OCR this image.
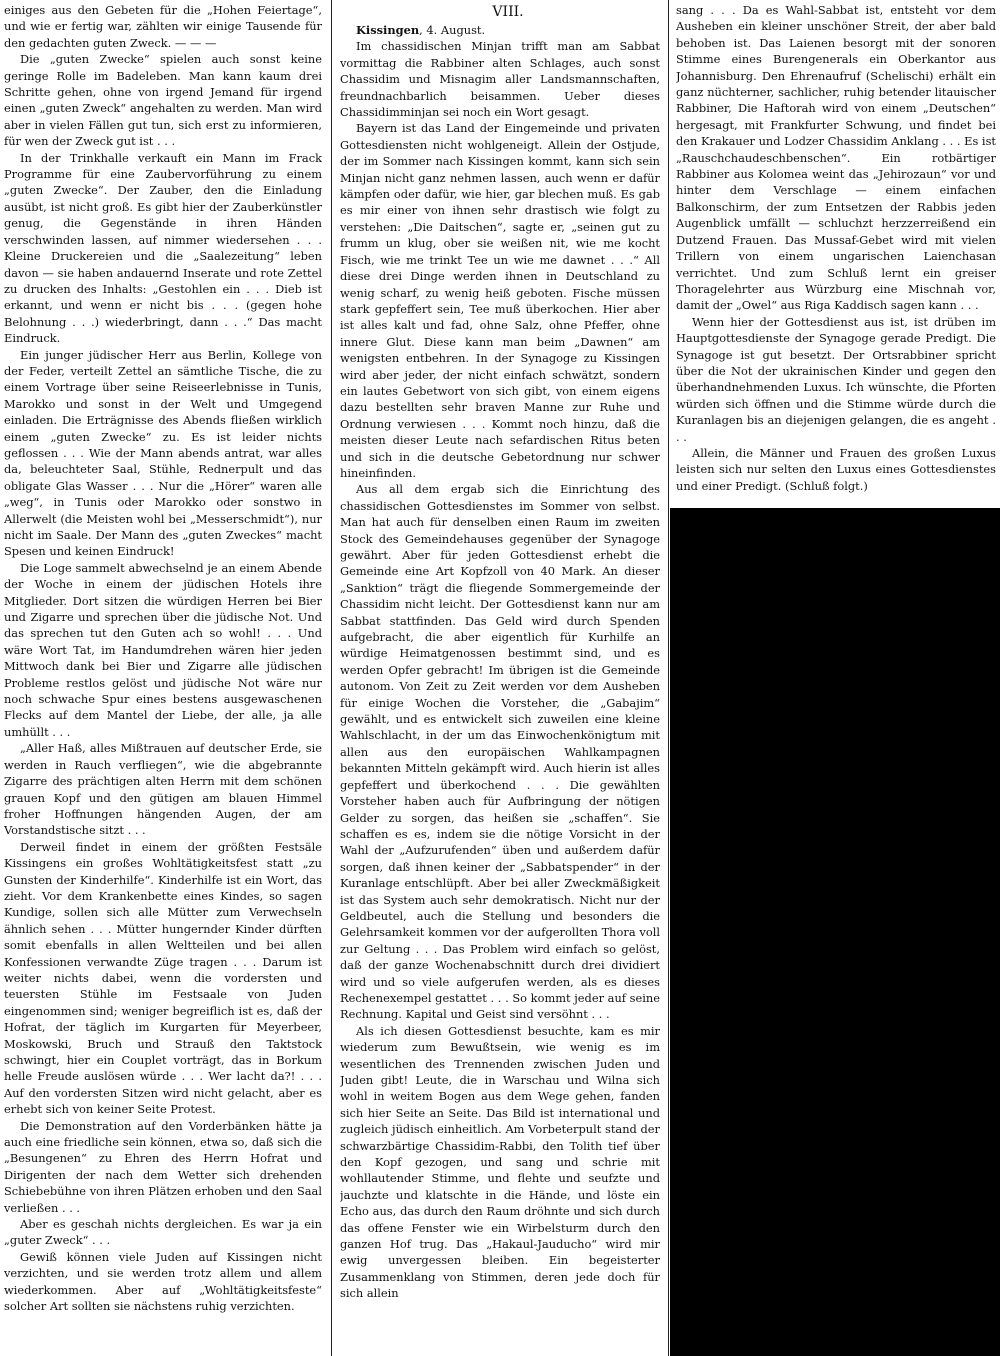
einiges aus den Gebeten für die „Hohen Feiertage“, und wie er fertig war, zählten wir einige Tausende für den gedachten guten Zweck. — — —

Die „guten Zwecke“ spielen auch sonst keine geringe Rolle im Badeleben. Man kann kaum drei Schritte gehen, ohne von irgend Jemand für irgend einen „guten Zweck“ angehalten zu werden. Man wird aber in vielen Fällen gut tun, sich erst zu informieren, für wen der Zweck gut ist . . .

In der Trinkhalle verkauft ein Mann im Frack Programme für eine Zaubervorführung zu einem „guten Zwecke“. Der Zauber, den die Einladung ausübt, ist nicht groß. Es gibt hier der Zauberkünstler genug, die Gegenstände in ihren Händen verschwinden lassen, auf nimmer wiedersehen . . . Kleine Druckereien und die „Saalezeitung“ leben davon — sie haben andauernd Inserate und rote Zettel zu drucken des Inhalts: „Gestohlen ein . . . Dieb ist erkannt, und wenn er nicht bis . . . (gegen hohe Belohnung . . .) wiederbringt, dann . . .“ Das macht Eindruck.

Ein junger jüdischer Herr aus Berlin, Kollege von der Feder, verteilt Zettel an sämtliche Tische, die zu einem Vortrage über seine Reiseerlebnisse in Tunis, Marokko und sonst in der Welt und Umgegend einladen. Die Erträgnisse des Abends fließen wirklich einem „guten Zwecke“ zu. Es ist leider nichts geflossen . . . Wie der Mann abends antrat, war alles da, beleuchteter Saal, Stühle, Rednerpult und das obligate Glas Wasser . . . Nur die „Hörer“ waren alle „weg“, in Tunis oder Marokko oder sonstwo in Allerwelt (die Meisten wohl bei „Messerschmidt“), nur nicht im Saale. Der Mann des „guten Zweckes“ macht Spesen und keinen Eindruck!

Die Loge sammelt abwechselnd je an einem Abende der Woche in einem der jüdischen Hotels ihre Mitglieder. Dort sitzen die würdigen Herren bei Bier und Zigarre und sprechen über die jüdische Not. Und das sprechen tut den Guten ach so wohl! . . . Und wäre Wort Tat, im Handumdrehen wären hier jeden Mittwoch dank bei Bier und Zigarre alle jüdischen Probleme restlos gelöst und jüdische Not wäre nur noch schwache Spur eines bestens ausgewaschenen Flecks auf dem Mantel der Liebe, der alle, ja alle umhüllt . . .

„Aller Haß, alles Mißtrauen auf deutscher Erde, sie werden in Rauch verfliegen“, wie die abgebrannte Zigarre des prächtigen alten Herrn mit dem schönen grauen Kopf und den gütigen am blauen Himmel froher Hoffnungen hängenden Augen, der am Vorstandstische sitzt . . .

Derweil findet in einem der größten Festsäle Kissingens ein großes Wohltätigkeitsfest statt „zu Gunsten der Kinderhilfe“. Kinderhilfe ist ein Wort, das zieht. Vor dem Krankenbette eines Kindes, so sagen Kundige, sollen sich alle Mütter zum Verwechseln ähnlich sehen . . . Mütter hungernder Kinder dürften somit ebenfalls in allen Weltteilen und bei allen Konfessionen verwandte Züge tragen . . . Darum ist weiter nichts dabei, wenn die vordersten und teuersten Stühle im Festsaale von Juden eingenommen sind; weniger begreiflich ist es, daß der Hofrat, der täglich im Kurgarten für Meyerbeer, Moskowski, Bruch und Strauß den Taktstock schwingt, hier ein Couplet vorträgt, das in Borkum helle Freude auslösen würde . . . Wer lacht da?! . . . Auf den vordersten Sitzen wird nicht gelacht, aber es erhebt sich von keiner Seite Protest.

Die Demonstration auf den Vorderbänken hätte ja auch eine friedliche sein können, etwa so, daß sich die „Besungenen“ zu Ehren des Herrn Hofrat und Dirigenten der nach dem Wetter sich drehenden Schiebebühne von ihren Plätzen erhoben und den Saal verließen . . .

Aber es geschah nichts dergleichen. Es war ja ein „guter Zweck“ . . .

Gewiß können viele Juden auf Kissingen nicht verzichten, und sie werden trotz allem und allem wiederkommen. Aber auf „Wohltätigkeitsfeste“ solcher Art sollten sie nächstens ruhig verzichten.

VIII.

Kissingen, 4. August.

Im chassidischen Minjan trifft man am Sabbat vormittag die Rabbiner alten Schlages, auch sonst Chassidim und Misnagim aller Landsmannschaften, freundnachbarlich beisammen. Ueber dieses Chassidimminjan sei noch ein Wort gesagt.

Bayern ist das Land der Eingemeinde und privaten Gottesdiensten nicht wohlgeneigt. Allein der Ostjude, der im Sommer nach Kissingen kommt, kann sich sein Minjan nicht ganz nehmen lassen, auch wenn er dafür kämpfen oder dafür, wie hier, gar blechen muß. Es gab es mir einer von ihnen sehr drastisch wie folgt zu verstehen: „Die Daitschen“, sagte er, „seinen gut zu frumm un klug, ober sie weißen nit, wie me kocht Fisch, wie me trinkt Tee un wie me dawnet . . .“ All diese drei Dinge werden ihnen in Deutschland zu wenig scharf, zu wenig heiß geboten. Fische müssen stark gepfeffert sein, Tee muß überkochen. Hier aber ist alles kalt und fad, ohne Salz, ohne Pfeffer, ohne innere Glut. Diese kann man beim „Dawnen“ am wenigsten entbehren. In der Synagoge zu Kissingen wird aber jeder, der nicht einfach schwätzt, sondern ein lautes Gebetwort von sich gibt, von einem eigens dazu bestellten sehr braven Manne zur Ruhe und Ordnung verwiesen . . . Kommt noch hinzu, daß die meisten dieser Leute nach sefardischen Ritus beten und sich in die deutsche Gebetordnung nur schwer hineinfinden.

Aus all dem ergab sich die Einrichtung des chassidischen Gottesdienstes im Sommer von selbst. Man hat auch für denselben einen Raum im zweiten Stock des Gemeindehauses gegenüber der Synagoge gewährt. Aber für jeden Gottesdienst erhebt die Gemeinde eine Art Kopfzoll von 40 Mark. An dieser „Sanktion“ trägt die fliegende Sommergemeinde der Chassidim nicht leicht. Der Gottesdienst kann nur am Sabbat stattfinden. Das Geld wird durch Spenden aufgebracht, die aber eigentlich für Kurhilfe an würdige Heimatgenossen bestimmt sind, und es werden Opfer gebracht! Im übrigen ist die Gemeinde autonom. Von Zeit zu Zeit werden vor dem Ausheben für einige Wochen die Vorsteher, die „Gabajim“ gewählt, und es entwickelt sich zuweilen eine kleine Wahlschlacht, in der um das Einwochenkönigtum mit allen aus den europäischen Wahlkampagnen bekannten Mitteln gekämpft wird. Auch hierin ist alles gepfeffert und überkochend . . . Die gewählten Vorsteher haben auch für Aufbringung der nötigen Gelder zu sorgen, das heißen sie „schaffen“. Sie schaffen es es, indem sie die nötige Vorsicht in der Wahl der „Aufzurufenden“ üben und außerdem dafür sorgen, daß ihnen keiner der „Sabbatspender“ in der Kuranlage entschlüpft. Aber bei aller Zweckmäßigkeit ist das System auch sehr demokratisch. Nicht nur der Geldbeutel, auch die Stellung und besonders die Gelehrsamkeit kommen vor der aufgerollten Thora voll zur Geltung . . . Das Problem wird einfach so gelöst, daß der ganze Wochenabschnitt durch drei dividiert wird und so viele aufgerufen werden, als es dieses Rechenexempel gestattet . . . So kommt jeder auf seine Rechnung. Kapital und Geist sind versöhnt . . .

Als ich diesen Gottesdienst besuchte, kam es mir wiederum zum Bewußtsein, wie wenig es im wesentlichen des Trennenden zwischen Juden und Juden gibt! Leute, die in Warschau und Wilna sich wohl in weitem Bogen aus dem Wege gehen, fanden sich hier Seite an Seite. Das Bild ist international und zugleich jüdisch einheitlich. Am Vorbeterpult stand der schwarzbärtige Chassidim-Rabbi, den Tolith tief über den Kopf gezogen, und sang und schrie mit wohllautender Stimme, und flehte und seufzte und jauchzte und klatschte in die Hände, und löste ein Echo aus, das durch den Raum dröhnte und sich durch das offene Fenster wie ein Wirbelsturm durch den ganzen Hof trug. Das „Hakaul-Jauducho“ wird mir ewig unvergessen bleiben. Ein begeisterter Zusammenklang von Stimmen, deren jede doch für sich allein

sang . . . Da es Wahl-Sabbat ist, entsteht vor dem Ausheben ein kleiner unschöner Streit, der aber bald behoben ist. Das Laienen besorgt mit der sonoren Stimme eines Burengenerals ein Oberkantor aus Johannisburg. Den Ehrenaufruf (Schelischi) erhält ein ganz nüchterner, sachlicher, ruhig betender litauischer Rabbiner, Die Haftorah wird von einem „Deutschen“ hergesagt, mit Frankfurter Schwung, und findet bei den Krakauer und Lodzer Chassidim Anklang . . . Es ist „Rauschchaudeschbenschen“. Ein rotbärtiger Rabbiner aus Kolomea weint das „Jehirozaun“ vor und hinter dem Verschlage — einem einfachen Balkonschirm, der zum Entsetzen der Rabbis jeden Augenblick umfällt — schluchzt herzzerreißend ein Dutzend Frauen. Das Mussaf-Gebet wird mit vielen Trillern von einem ungarischen Laienchasan verrichtet. Und zum Schluß lernt ein greiser Thoragelehrter aus Würzburg eine Mischnah vor, damit der „Owel“ aus Riga Kaddisch sagen kann . . .

Wenn hier der Gottesdienst aus ist, ist drüben im Hauptgottesdienste der Synagoge gerade Predigt. Die Synagoge ist gut besetzt. Der Ortsrabbiner spricht über die Not der ukrainischen Kinder und gegen den überhandnehmenden Luxus. Ich wünschte, die Pforten würden sich öffnen und die Stimme würde durch die Kuranlagen bis an diejenigen gelangen, die es angeht . . .

Allein, die Männer und Frauen des großen Luxus leisten sich nur selten den Luxus eines Gottesdienstes und einer Predigt. (Schluß folgt.)
